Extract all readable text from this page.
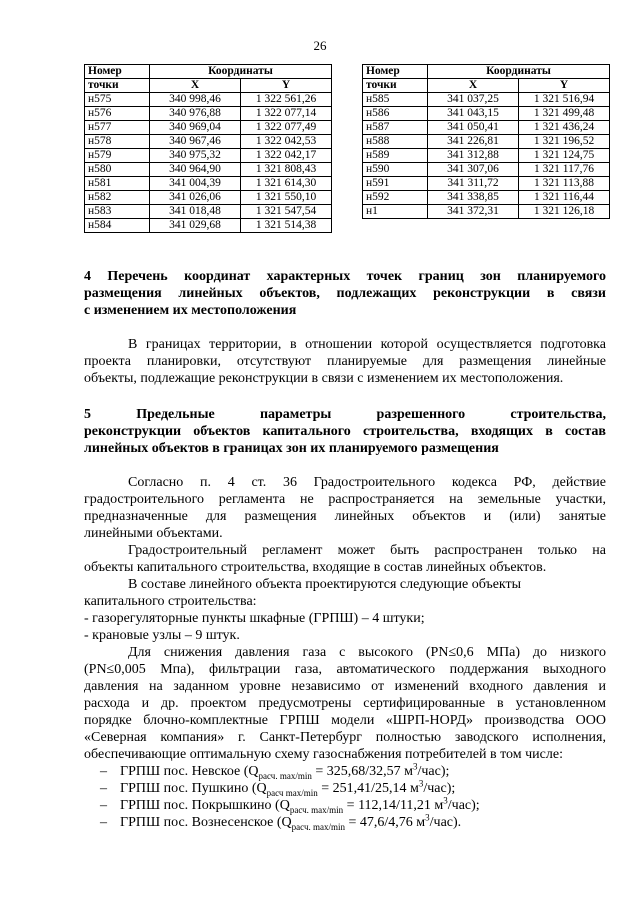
26
Номер	Координаты	
точки	X	Y
н575	340 998,46	1 322 561,26
н576	340 976,88	1 322 077,14
н577	340 969,04	1 322 077,49
н578	340 967,46	1 322 042,53
н579	340 975,32	1 322 042,17
н580	340 964,90	1 321 808,43
н581	341 004,39	1 321 614,30
н582	341 026,06	1 321 550,10
н583	341 018,48	1 321 547,54
н584	341 029,68	1 321 514,38
Номер	Координаты	
точки	X	Y
н585	341 037,25	1 321 516,94
н586	341 043,15	1 321 499,48
н587	341 050,41	1 321 436,24
н588	341 226,81	1 321 196,52
н589	341 312,88	1 321 124,75
н590	341 307,06	1 321 117,76
н591	341 311,72	1 321 113,88
н592	341 338,85	1 321 116,44
н1	341 372,31	1 321 126,18
4 Перечень координат характерных точек границ зон планируемого
размещения линейных объектов, подлежащих реконструкции в связи
с изменением их местоположения
В границах территории, в отношении которой осуществляется подготовка
проекта планировки, отсутствуют планируемые для размещения линейные
объекты, подлежащие реконструкции в связи с изменением их местоположения.
5 Предельные параметры разрешенного строительства,
реконструкции объектов капитального строительства, входящих в состав
линейных объектов в границах зон их планируемого размещения
Согласно п. 4 ст. 36 Градостроительного кодекса РФ, действие
градостроительного регламента не распространяется на земельные участки,
предназначенные для размещения линейных объектов и (или) занятые
линейными объектами.
Градостроительный регламент может быть распространен только на
объекты капитального строительства, входящие в состав линейных объектов.
В составе линейного объекта проектируются следующие объекты
капитального строительства:
- газорегуляторные пункты шкафные (ГРПШ) – 4 штуки;
- крановые узлы – 9 штук.
Для снижения давления газа с высокого (PN≤0,6 МПа) до низкого
(PN≤0,005 Мпа), фильтрации газа, автоматического поддержания выходного
давления на заданном уровне независимо от изменений входного давления и
расхода и др. проектом предусмотрены сертифицированные в установленном
порядке блочно-комплектные ГРПШ модели «ШРП-НОРД» производства ООО
«Северная компания» г. Санкт-Петербург полностью заводского исполнения,
обеспечивающие оптимальную схему газоснабжения потребителей в том числе:
– ГРПШ пос. Невское ($Q_{расч. max/min} = 325,68/32,57$ $м^3/час$);
– ГРПШ пос. Пушкино ($Q_{расч max/min} = 251,41/25,14$ $м^3/час$);
– ГРПШ пос. Покрышкино ($Q_{расч. max/min} = 112,14/11,21$ $м^3/час$);
– ГРПШ пос. Вознесенское ($Q_{расч. max/min} = 47,6/4,76$ $м^3/час$).
